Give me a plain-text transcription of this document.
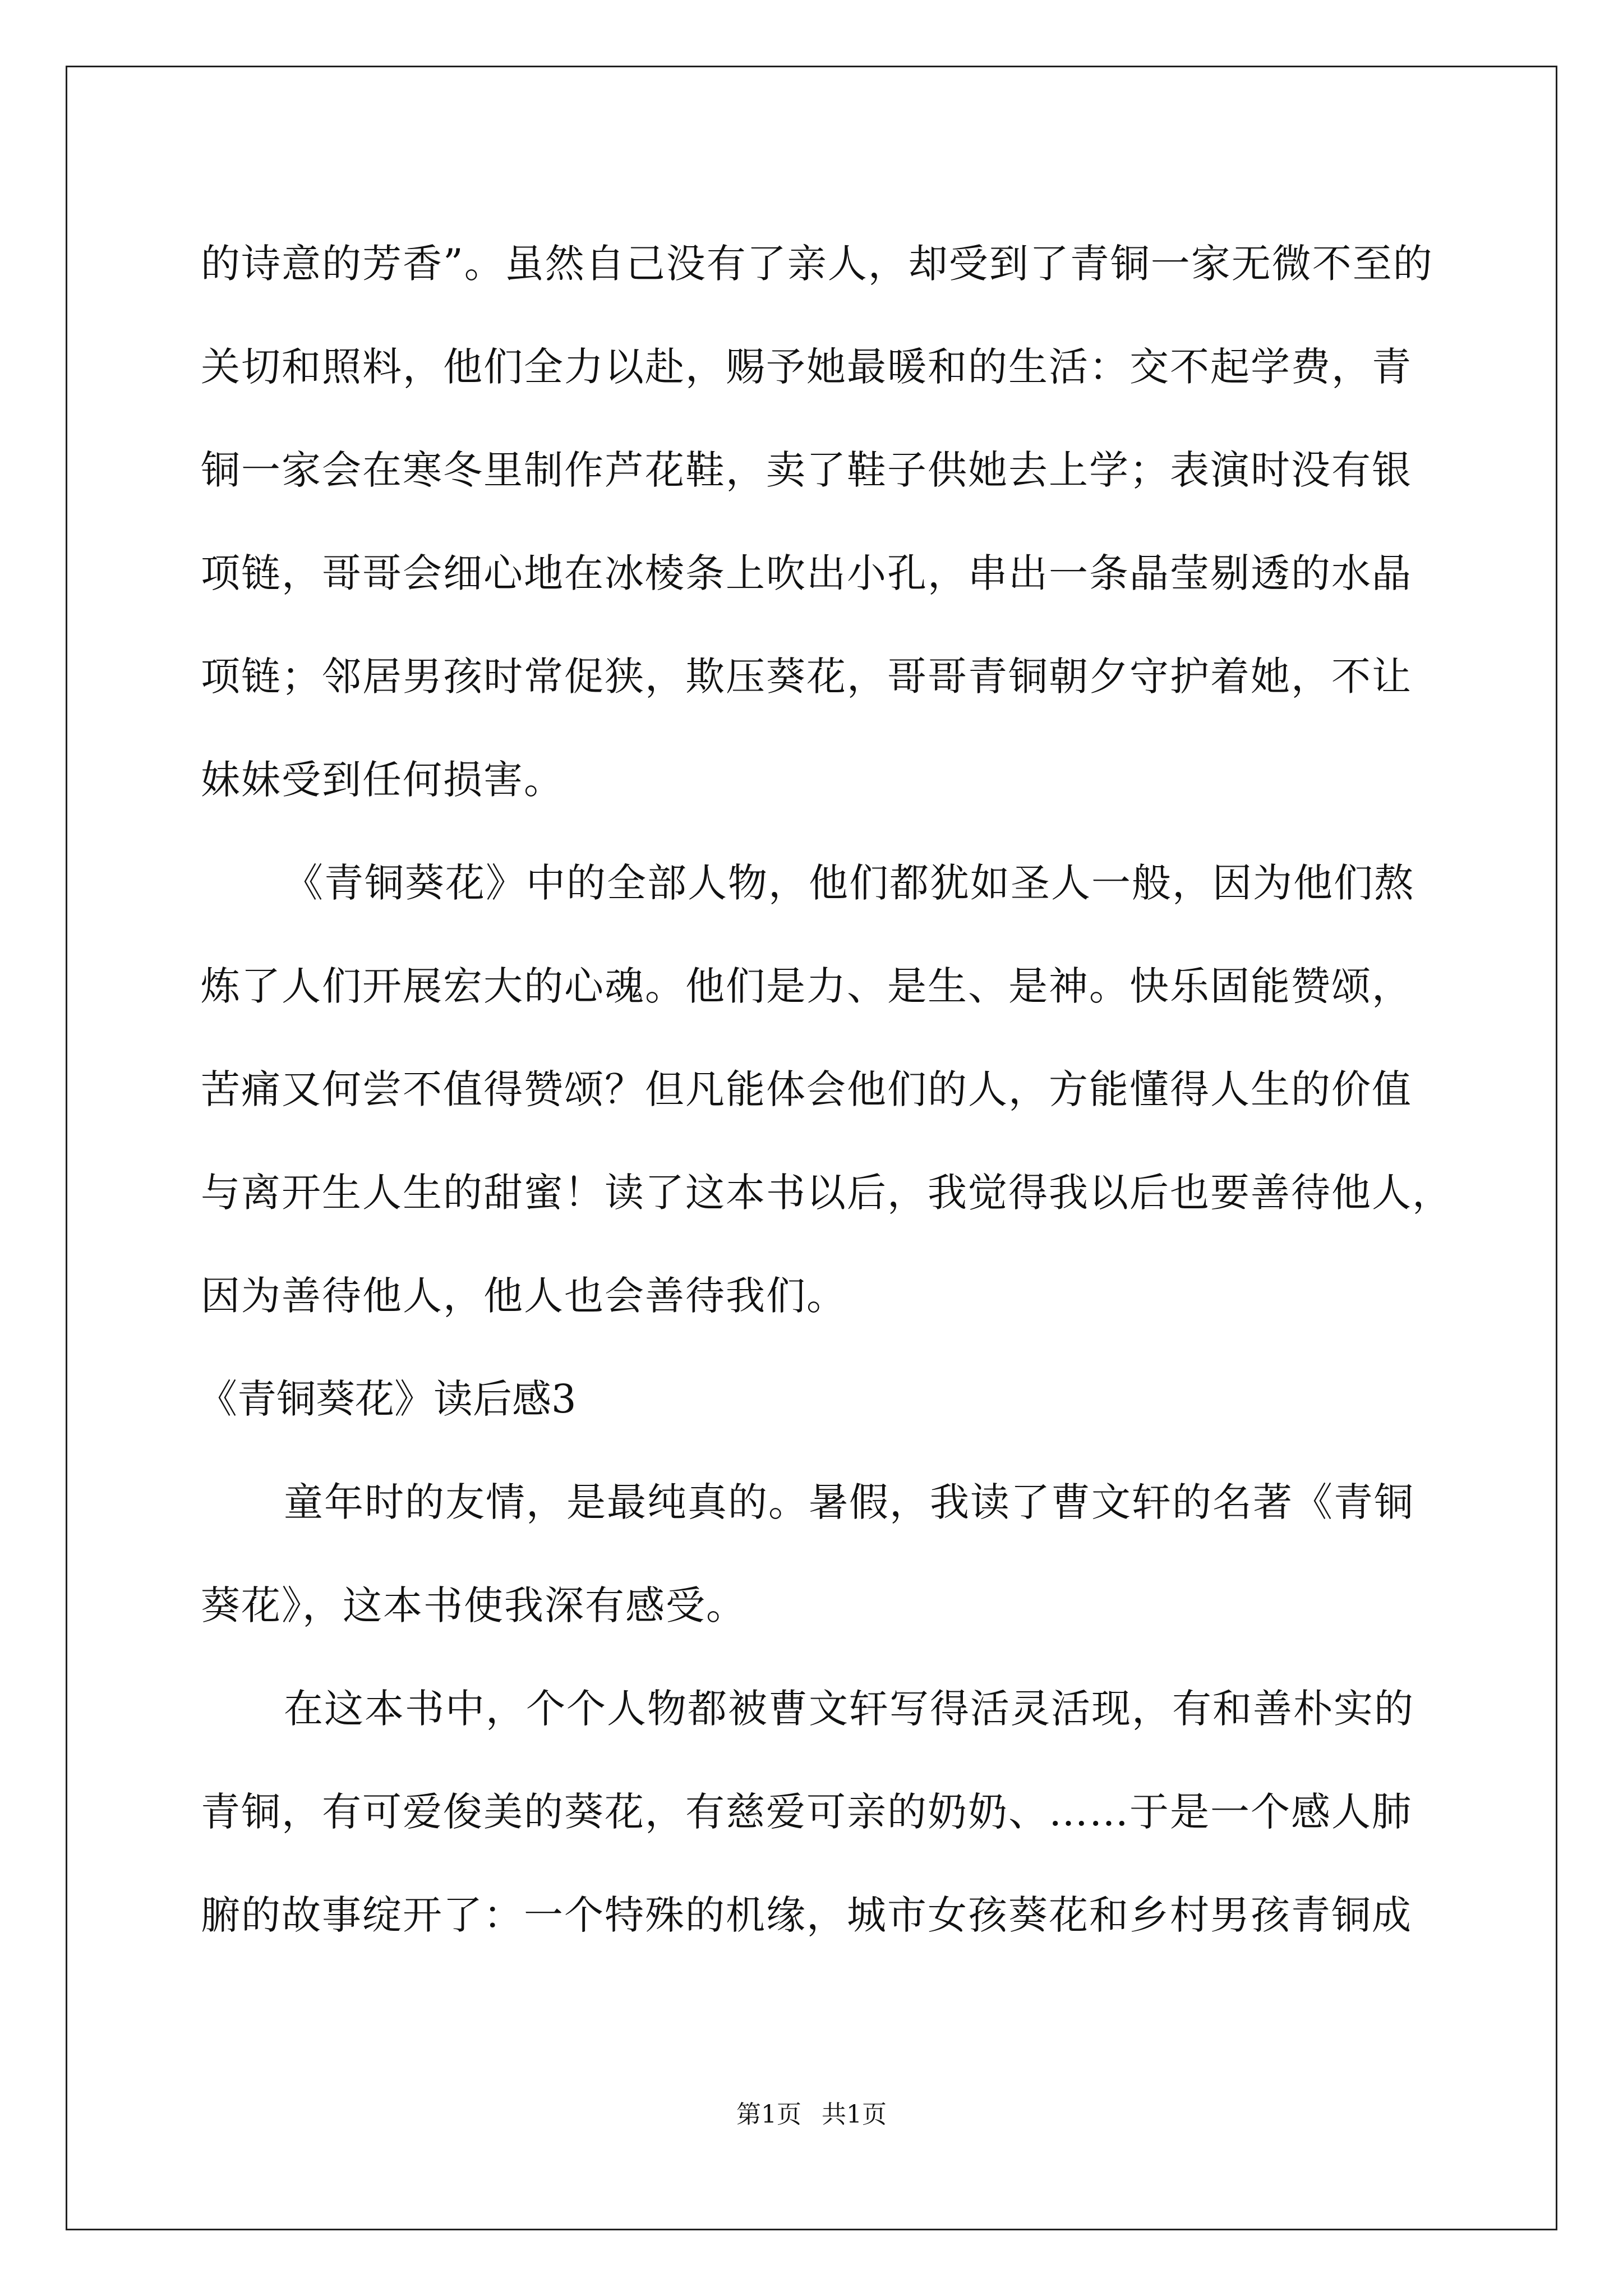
的诗意的芳香”。虽然自己没有了亲人，却受到了青铜一家无微不至的
关切和照料，他们全力以赴，赐予她最暖和的生活：交不起学费，青
铜一家会在寒冬里制作芦花鞋，卖了鞋子供她去上学；表演时没有银
项链，哥哥会细心地在冰棱条上吹出小孔，串出一条晶莹剔透的水晶
项链；邻居男孩时常促狭，欺压葵花，哥哥青铜朝夕守护着她，不让
妹妹受到任何损害。
《青铜葵花》中的全部人物，他们都犹如圣人一般，因为他们熬
炼了人们开展宏大的心魂。他们是力、是生、是神。快乐固能赞颂，
苦痛又何尝不值得赞颂？但凡能体会他们的人，方能懂得人生的价值
与离开生人生的甜蜜！读了这本书以后，我觉得我以后也要善待他人，
因为善待他人，他人也会善待我们。
《青铜葵花》读后感3
童年时的友情，是最纯真的。暑假，我读了曹文轩的名著《青铜
葵花》，这本书使我深有感受。
在这本书中，个个人物都被曹文轩写得活灵活现，有和善朴实的
青铜，有可爱俊美的葵花，有慈爱可亲的奶奶、……于是一个感人肺
腑的故事绽开了：一个特殊的机缘，城市女孩葵花和乡村男孩青铜成
第1页 共1页
